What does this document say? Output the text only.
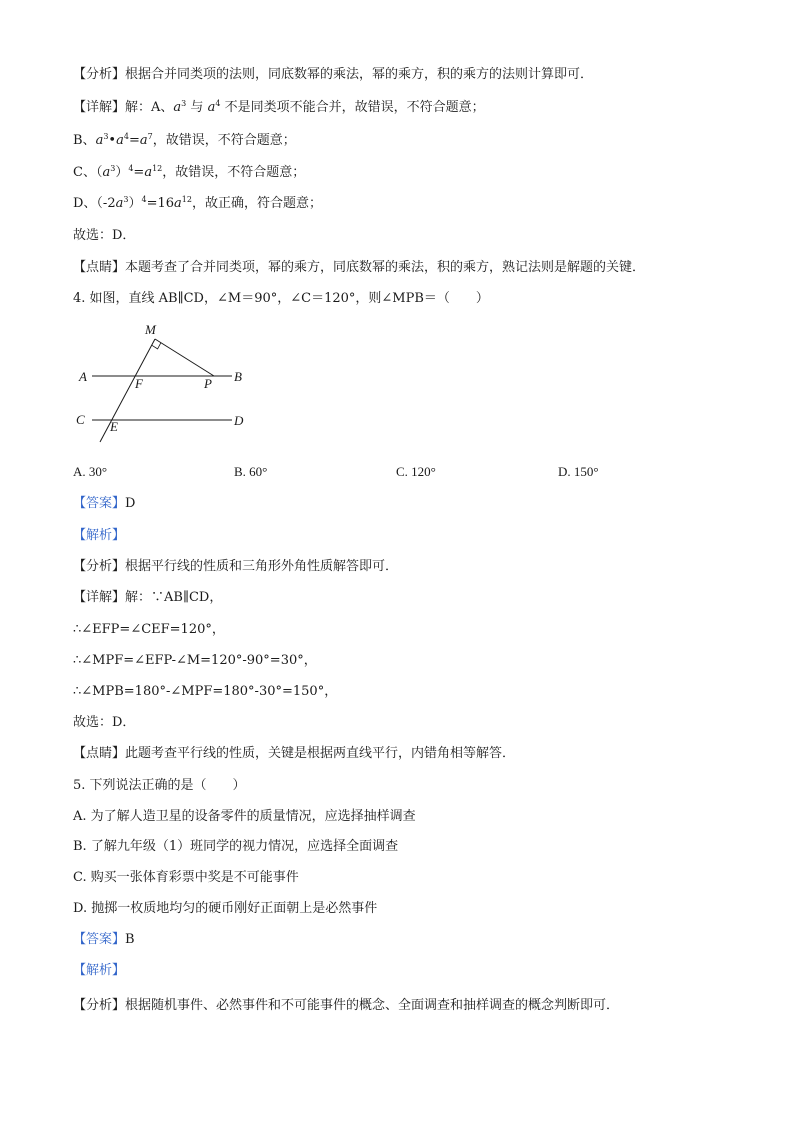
【分析】根据合并同类项的法则，同底数幂的乘法，幂的乘方，积的乘方的法则计算即可．
【详解】解：A、$a^3$ 与 $a^4$ 不是同类项不能合并，故错误，不符合题意；
B、$a^3•a^4=a^7$，故错误，不符合题意；
C、$(a^3)^4=a^{12}$，故错误，不符合题意；
D、$(-2a^3)^4=16a^{12}$，故正确，符合题意；
故选：D．
【点睛】本题考查了合并同类项，幂的乘方，同底数幂的乘法，积的乘方，熟记法则是解题的关键．
4. 如图，直线 AB∥CD，∠M＝90°，∠C＝120°，则∠MPB＝（　　）
M
A	B
F	P
C	D
E
A. 30°	B. 60°	C. 120°	D. 150°
【答案】D
【解析】
【分析】根据平行线的性质和三角形外角性质解答即可．
【详解】解：∵AB∥CD，
∴∠EFP=∠CEF=120°，
∴∠MPF=∠EFP-∠M=120°-90°=30°，
∴∠MPB=180°-∠MPF=180°-30°=150°，
故选：D．
【点睛】此题考查平行线的性质，关键是根据两直线平行，内错角相等解答．
5. 下列说法正确的是（　　）
A. 为了解人造卫星的设备零件的质量情况，应选择抽样调查
B. 了解九年级（1）班同学的视力情况，应选择全面调查
C. 购买一张体育彩票中奖是不可能事件
D. 抛掷一枚质地均匀的硬币刚好正面朝上是必然事件
【答案】B
【解析】
【分析】根据随机事件、必然事件和不可能事件的概念、全面调查和抽样调查的概念判断即可．
